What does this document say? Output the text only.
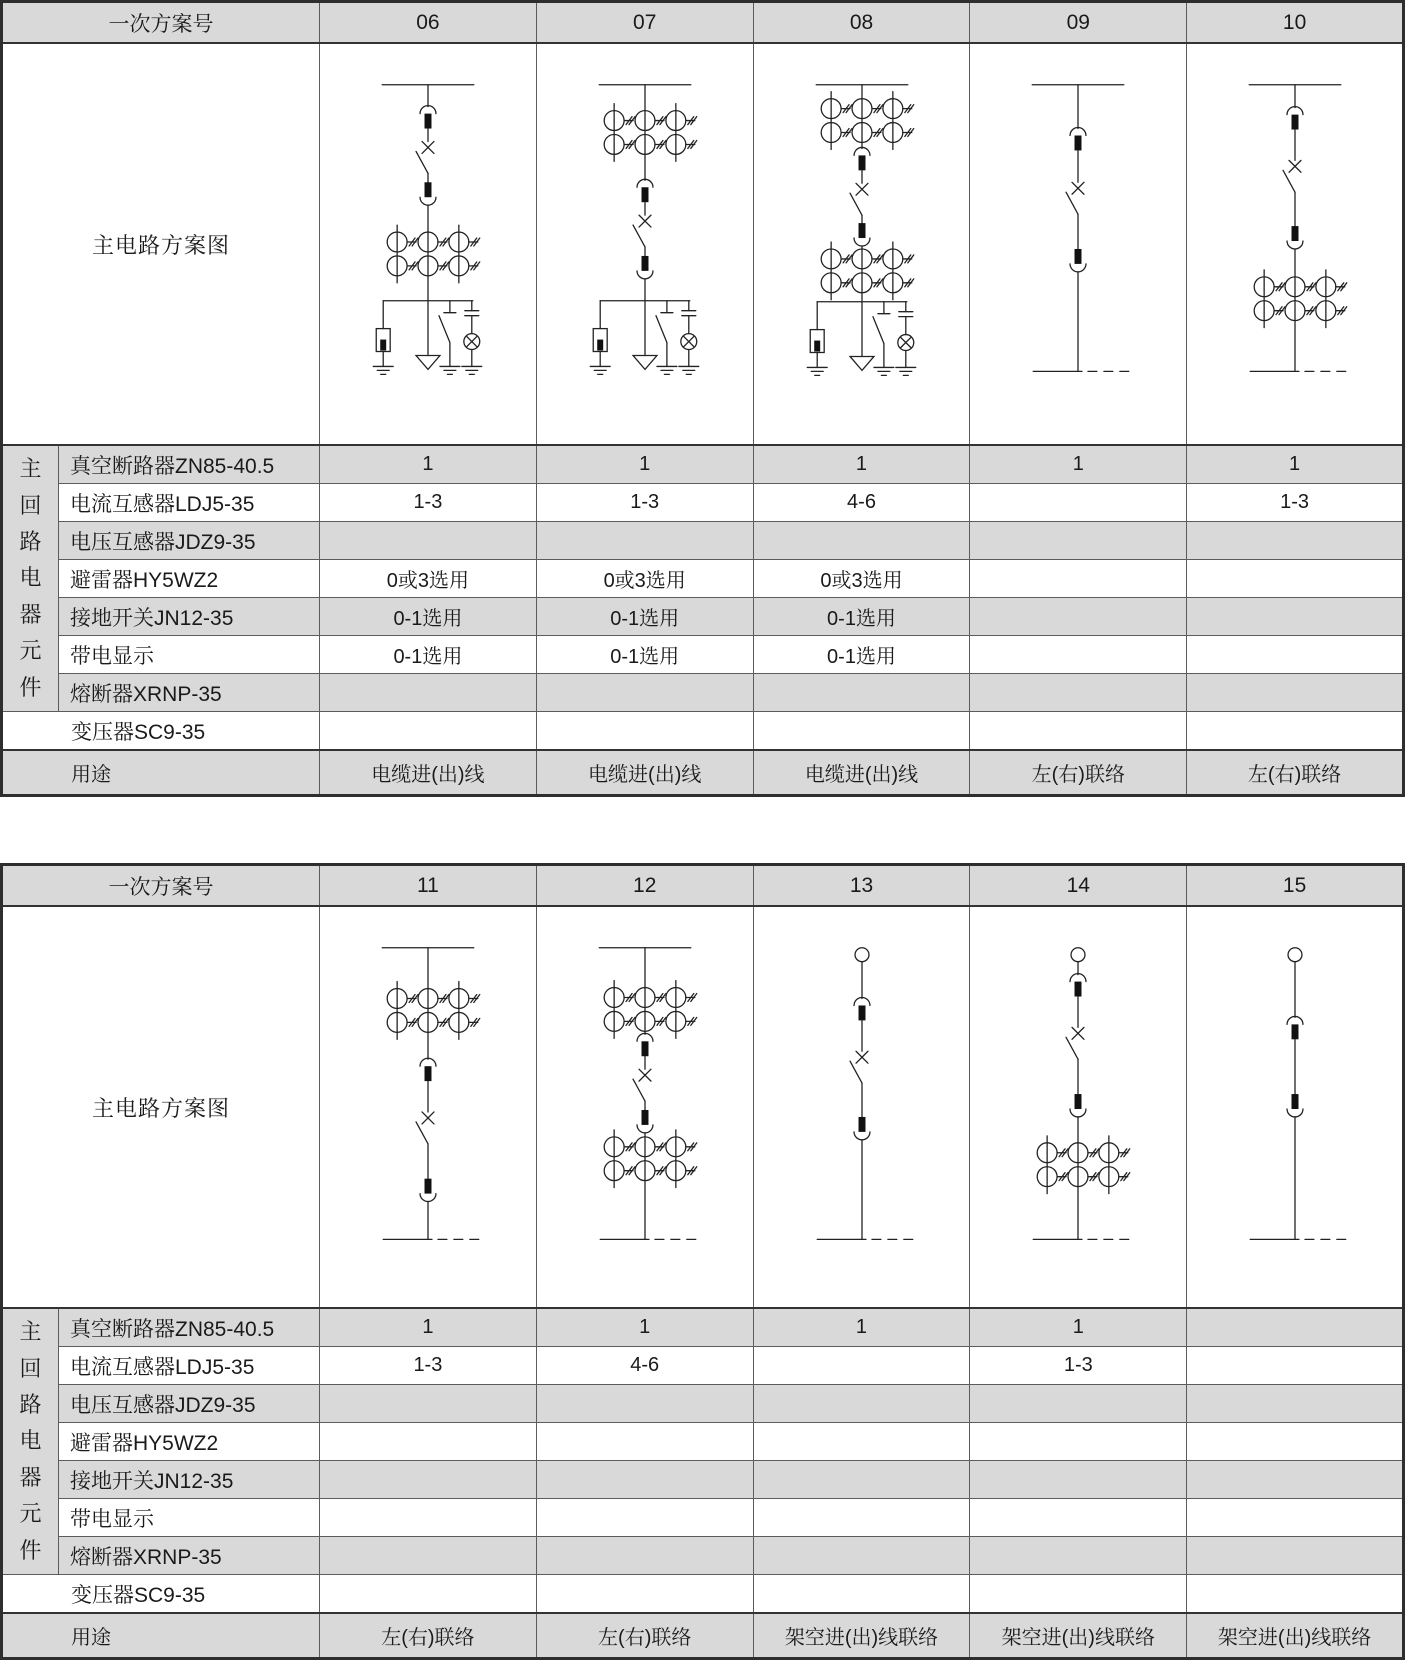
一次方案号		06	07	08	09	10
主电路方案图	

主
回
路
电
器
元
件
	真空断路器ZN85-40.5	1	1	1	1	1
	电流互感器LDJ5-35	1-3	1-3	4-6		1-3
	电压互感器JDZ9-35					
	避雷器HY5WZ2	0或3选用	0或3选用	0或3选用		
	接地开关JN12-35	0-1选用	0-1选用	0-1选用		
	带电显示	0-1选用	0-1选用	0-1选用		
	熔断器XRNP-35					
变压器SC9-35						
用途		电缆进(出)线	电缆进(出)线	电缆进(出)线	左(右)联络	左(右)联络
一次方案号		11	12	13	14	15
主电路方案图	

主
回
路
电
器
元
件
	真空断路器ZN85-40.5	1	1	1	1	
	电流互感器LDJ5-35	1-3	4-6		1-3	
	电压互感器JDZ9-35					
	避雷器HY5WZ2					
	接地开关JN12-35					
	带电显示					
	熔断器XRNP-35					
变压器SC9-35						
用途		左(右)联络	左(右)联络	架空进(出)线联络	架空进(出)线联络	架空进(出)线联络
